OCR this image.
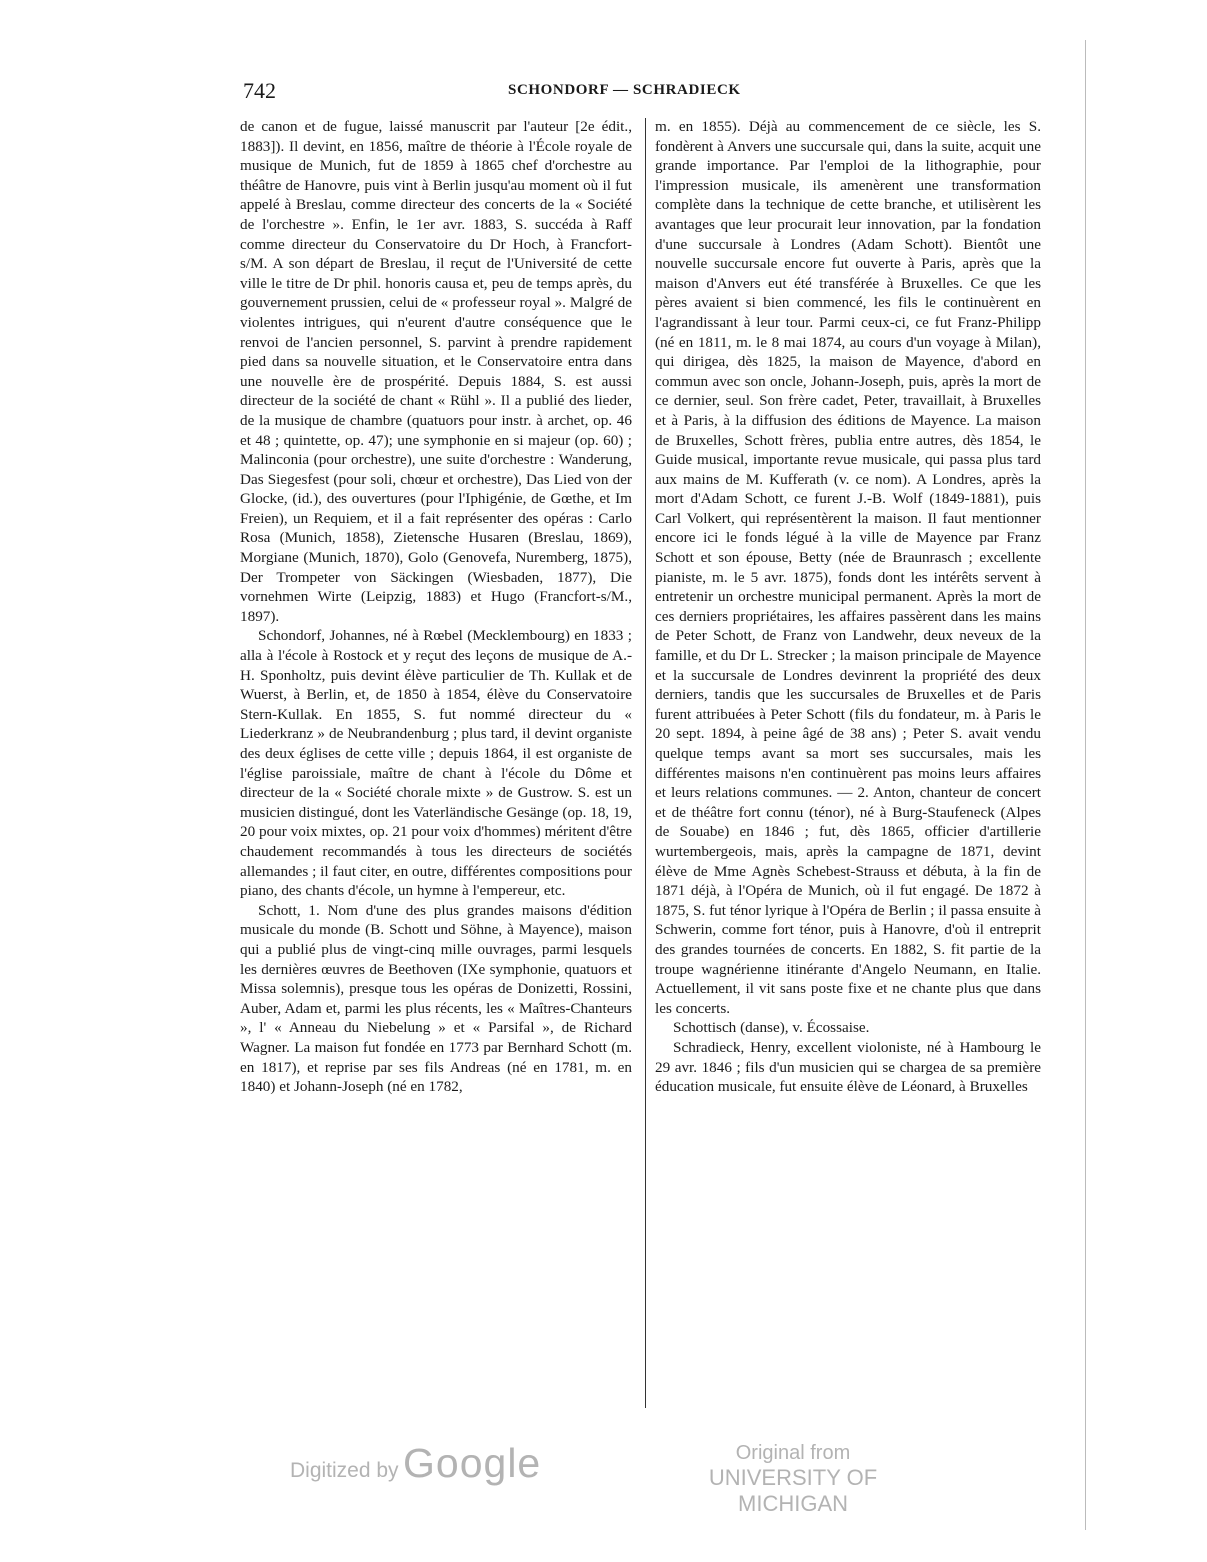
742	SCHONDORF — SCHRADIECK

de canon et de fugue, laissé manuscrit par l'auteur [2e édit., 1883]). Il devint, en 1856, maître de théorie à l'École royale de musique de Munich, fut de 1859 à 1865 chef d'orchestre au théâtre de Hanovre, puis vint à Berlin jusqu'au moment où il fut appelé à Breslau, comme directeur des concerts de la « Société de l'orchestre ». Enfin, le 1er avr. 1883, S. succéda à Raff comme directeur du Conservatoire du Dr Hoch, à Francfort-s/M. A son départ de Breslau, il reçut de l'Université de cette ville le titre de Dr phil. honoris causa et, peu de temps après, du gouvernement prussien, celui de « professeur royal ». Malgré de violentes intrigues, qui n'eurent d'autre conséquence que le renvoi de l'ancien personnel, S. parvint à prendre rapidement pied dans sa nouvelle situation, et le Conservatoire entra dans une nouvelle ère de prospérité. Depuis 1884, S. est aussi directeur de la société de chant « Rühl ». Il a publié des lieder, de la musique de chambre (quatuors pour instr. à archet, op. 46 et 48 ; quintette, op. 47); une symphonie en si majeur (op. 60) ; Malinconia (pour orchestre), une suite d'orchestre : Wanderung, Das Siegesfest (pour soli, chœur et orchestre), Das Lied von der Glocke, (id.), des ouvertures (pour l'Iphigénie, de Gœthe, et Im Freien), un Requiem, et il a fait représenter des opéras : Carlo Rosa (Munich, 1858), Zietensche Husaren (Breslau, 1869), Morgiane (Munich, 1870), Golo (Genovefa, Nuremberg, 1875), Der Trompeter von Säckingen (Wiesbaden, 1877), Die vornehmen Wirte (Leipzig, 1883) et Hugo (Francfort-s/M., 1897).

Schondorf, Johannes, né à Rœbel (Mecklembourg) en 1833 ; alla à l'école à Rostock et y reçut des leçons de musique de A.-H. Sponholtz, puis devint élève particulier de Th. Kullak et de Wuerst, à Berlin, et, de 1850 à 1854, élève du Conservatoire Stern-Kullak. En 1855, S. fut nommé directeur du « Liederkranz » de Neubrandenburg ; plus tard, il devint organiste des deux églises de cette ville ; depuis 1864, il est organiste de l'église paroissiale, maître de chant à l'école du Dôme et directeur de la « Société chorale mixte » de Gustrow. S. est un musicien distingué, dont les Vaterländische Gesänge (op. 18, 19, 20 pour voix mixtes, op. 21 pour voix d'hommes) méritent d'être chaudement recommandés à tous les directeurs de sociétés allemandes ; il faut citer, en outre, différentes compositions pour piano, des chants d'école, un hymne à l'empereur, etc.

Schott, 1. Nom d'une des plus grandes maisons d'édition musicale du monde (B. Schott und Söhne, à Mayence), maison qui a publié plus de vingt-cinq mille ouvrages, parmi lesquels les dernières œuvres de Beethoven (IXe symphonie, quatuors et Missa solemnis), presque tous les opéras de Donizetti, Rossini, Auber, Adam et, parmi les plus récents, les « Maîtres-Chanteurs », l' « Anneau du Niebelung » et « Parsifal », de Richard Wagner. La maison fut fondée en 1773 par Bernhard Schott (m. en 1817), et reprise par ses fils Andreas (né en 1781, m. en 1840) et Johann-Joseph (né en 1782,

m. en 1855). Déjà au commencement de ce siècle, les S. fondèrent à Anvers une succursale qui, dans la suite, acquit une grande importance. Par l'emploi de la lithographie, pour l'impression musicale, ils amenèrent une transformation complète dans la technique de cette branche, et utilisèrent les avantages que leur procurait leur innovation, par la fondation d'une succursale à Londres (Adam Schott). Bientôt une nouvelle succursale encore fut ouverte à Paris, après que la maison d'Anvers eut été transférée à Bruxelles. Ce que les pères avaient si bien commencé, les fils le continuèrent en l'agrandissant à leur tour. Parmi ceux-ci, ce fut Franz-Philipp (né en 1811, m. le 8 mai 1874, au cours d'un voyage à Milan), qui dirigea, dès 1825, la maison de Mayence, d'abord en commun avec son oncle, Johann-Joseph, puis, après la mort de ce dernier, seul. Son frère cadet, Peter, travaillait, à Bruxelles et à Paris, à la diffusion des éditions de Mayence. La maison de Bruxelles, Schott frères, publia entre autres, dès 1854, le Guide musical, importante revue musicale, qui passa plus tard aux mains de M. Kufferath (v. ce nom). A Londres, après la mort d'Adam Schott, ce furent J.-B. Wolf (1849-1881), puis Carl Volkert, qui représentèrent la maison. Il faut mentionner encore ici le fonds légué à la ville de Mayence par Franz Schott et son épouse, Betty (née de Braunrasch ; excellente pianiste, m. le 5 avr. 1875), fonds dont les intérêts servent à entretenir un orchestre municipal permanent. Après la mort de ces derniers propriétaires, les affaires passèrent dans les mains de Peter Schott, de Franz von Landwehr, deux neveux de la famille, et du Dr L. Strecker ; la maison principale de Mayence et la succursale de Londres devinrent la propriété des deux derniers, tandis que les succursales de Bruxelles et de Paris furent attribuées à Peter Schott (fils du fondateur, m. à Paris le 20 sept. 1894, à peine âgé de 38 ans) ; Peter S. avait vendu quelque temps avant sa mort ses succursales, mais les différentes maisons n'en continuèrent pas moins leurs affaires et leurs relations communes. — 2. Anton, chanteur de concert et de théâtre fort connu (ténor), né à Burg-Staufeneck (Alpes de Souabe) en 1846 ; fut, dès 1865, officier d'artillerie wurtembergeois, mais, après la campagne de 1871, devint élève de Mme Agnès Schebest-Strauss et débuta, à la fin de 1871 déjà, à l'Opéra de Munich, où il fut engagé. De 1872 à 1875, S. fut ténor lyrique à l'Opéra de Berlin ; il passa ensuite à Schwerin, comme fort ténor, puis à Hanovre, d'où il entreprit des grandes tournées de concerts. En 1882, S. fit partie de la troupe wagnérienne itinérante d'Angelo Neumann, en Italie. Actuellement, il vit sans poste fixe et ne chante plus que dans les concerts.

Schottisch (danse), v. Écossaise.

Schradieck, Henry, excellent violoniste, né à Hambourg le 29 avr. 1846 ; fils d'un musicien qui se chargea de sa première éducation musicale, fut ensuite élève de Léonard, à Bruxelles

Digitized by Google	Original from
UNIVERSITY OF MICHIGAN
